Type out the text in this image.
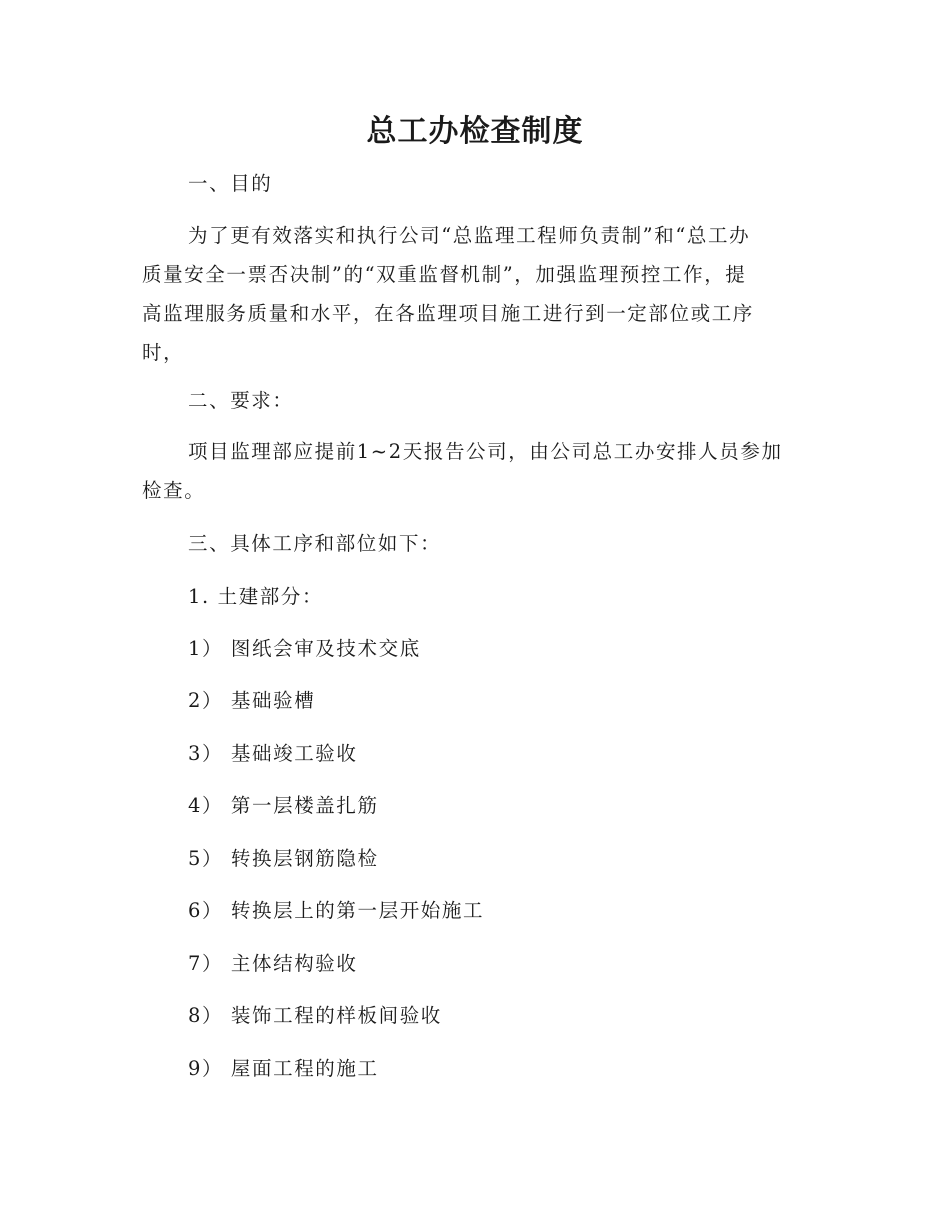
总工办检查制度
一、目的
为了更有效落实和执行公司“总监理工程师负责制”和“总工办
质量安全一票否决制”的“双重监督机制”，加强监理预控工作，提
高监理服务质量和水平，在各监理项目施工进行到一定部位或工序
时，
二、要求：
项目监理部应提前1~2天报告公司，由公司总工办安排人员参加
检查。
三、具体工序和部位如下：
1. 土建部分：
1） 图纸会审及技术交底
2） 基础验槽
3） 基础竣工验收
4） 第一层楼盖扎筋
5） 转换层钢筋隐检
6） 转换层上的第一层开始施工
7） 主体结构验收
8） 装饰工程的样板间验收
9） 屋面工程的施工
